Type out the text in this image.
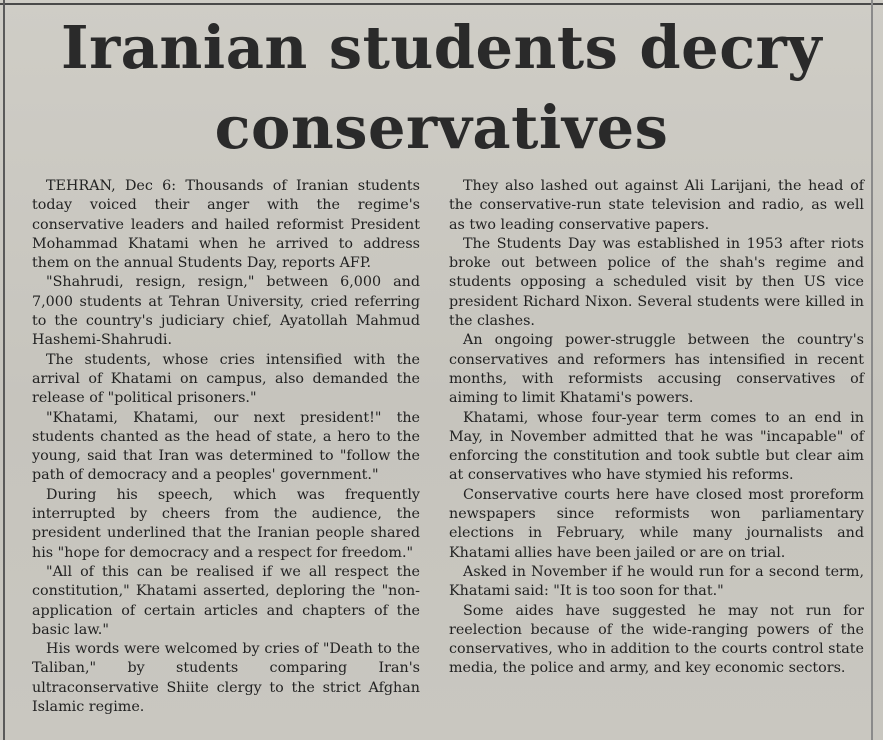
Iranian students decry
conservatives

TEHRAN, Dec 6: Thousands of Iranian students today voiced their anger with the regime's conservative leaders and hailed reformist President Mohammad Khatami when he arrived to address them on the annual Students Day, reports AFP.

"Shahrudi, resign, resign," between 6,000 and 7,000 students at Tehran University, cried referring to the country's judiciary chief, Ayatollah Mahmud Hashemi-Shahrudi.

The students, whose cries intensified with the arrival of Khatami on campus, also demanded the release of "political prisoners."

"Khatami, Khatami, our next president!" the students chanted as the head of state, a hero to the young, said that Iran was determined to "follow the path of democracy and a peoples' government."

During his speech, which was frequently interrupted by cheers from the audience, the president underlined that the Iranian people shared his "hope for democracy and a respect for freedom."

"All of this can be realised if we all respect the constitution," Khatami asserted, deploring the "non-application of certain articles and chapters of the basic law."

His words were welcomed by cries of "Death to the Taliban," by students comparing Iran's ultraconservative Shiite clergy to the strict Afghan Islamic regime.

They also lashed out against Ali Larijani, the head of the conservative-run state television and radio, as well as two leading conservative papers.

The Students Day was established in 1953 after riots broke out between police of the shah's regime and students opposing a scheduled visit by then US vice president Richard Nixon. Several students were killed in the clashes.

An ongoing power-struggle between the country's conservatives and reformers has intensified in recent months, with reformists accusing conservatives of aiming to limit Khatami's powers.

Khatami, whose four-year term comes to an end in May, in November admitted that he was "incapable" of enforcing the constitution and took subtle but clear aim at conservatives who have stymied his reforms.

Conservative courts here have closed most proreform newspapers since reformists won parliamentary elections in February, while many journalists and Khatami allies have been jailed or are on trial.

Asked in November if he would run for a second term, Khatami said: "It is too soon for that."

Some aides have suggested he may not run for reelection because of the wide-ranging powers of the conservatives, who in addition to the courts control state media, the police and army, and key economic sectors.
